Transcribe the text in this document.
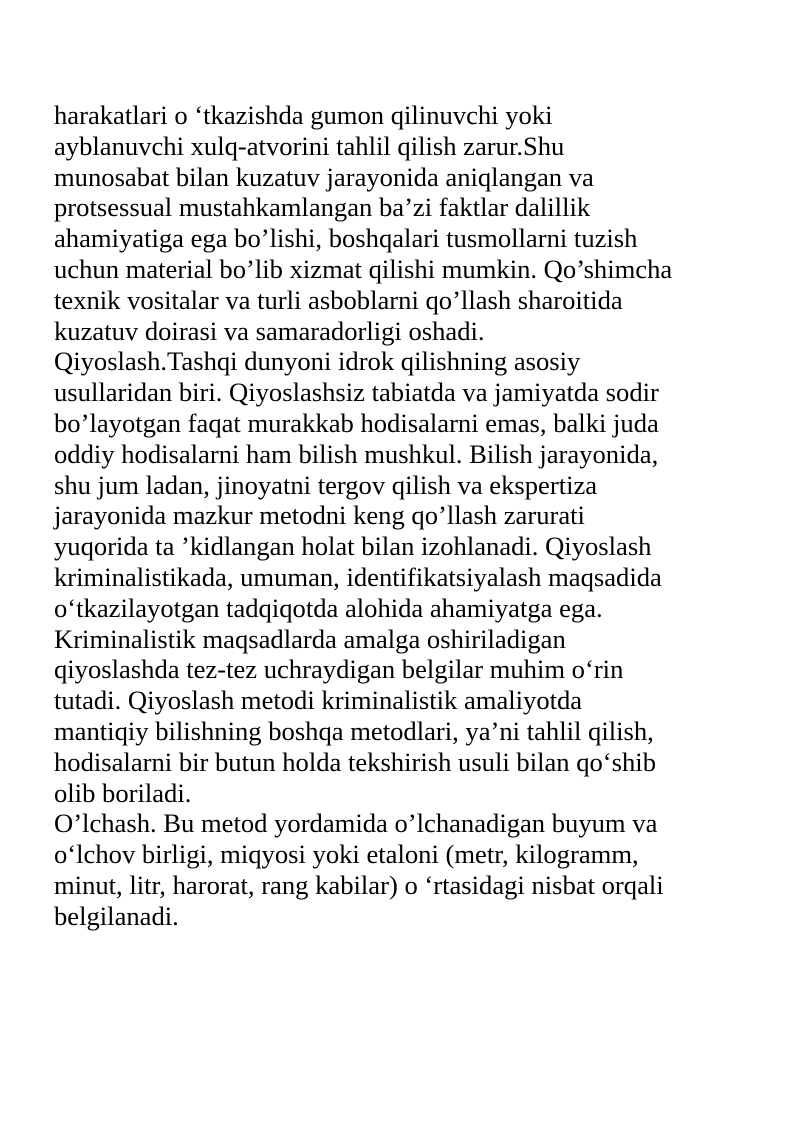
harakatlari o ‘tkazishda gumon qilinuvchi yoki
ayblanuvchi xulq-atvorini tahlil qilish zarur.Shu
munosabat bilan kuzatuv jarayonida aniqlangan va
protsessual mustahkamlangan ba’zi faktlar dalillik
ahamiyatiga ega bo’lishi, boshqalari tusmollarni tuzish
uchun material bo’lib xizmat qilishi mumkin. Qo’shimcha
texnik vositalar va turli asboblarni qo’llash sharoitida
kuzatuv doirasi va samaradorligi oshadi.
Qiyoslash.Tashqi dunyoni idrok qilishning asosiy
usullaridan biri. Qiyoslashsiz tabiatda va jamiyatda sodir
bo’layotgan faqat murakkab hodisalarni emas, balki juda
oddiy hodisalarni ham bilish mushkul. Bilish jarayonida,
shu jum ladan, jinoyatni tergov qilish va ekspertiza
jarayonida mazkur metodni keng qo’llash zarurati
yuqorida ta ’kidlangan holat bilan izohlanadi. Qiyoslash
kriminalistikada, umuman, identifikatsiyalash maqsadida
o‘tkazilayotgan tadqiqotda alohida ahamiyatga ega.
Kriminalistik maqsadlarda amalga oshiriladigan
qiyoslashda tez-tez uchraydigan belgilar muhim o‘rin
tutadi. Qiyoslash metodi kriminalistik amaliyotda
mantiqiy bilishning boshqa metodlari, ya’ni tahlil qilish,
hodisalarni bir butun holda tekshirish usuli bilan qo‘shib
olib boriladi.
O’lchash. Bu metod yordamida o’lchanadigan buyum va
o‘lchov birligi, miqyosi yoki etaloni (metr, kilogramm,
minut, litr, harorat, rang kabilar) o ‘rtasidagi nisbat orqali
belgilanadi.
